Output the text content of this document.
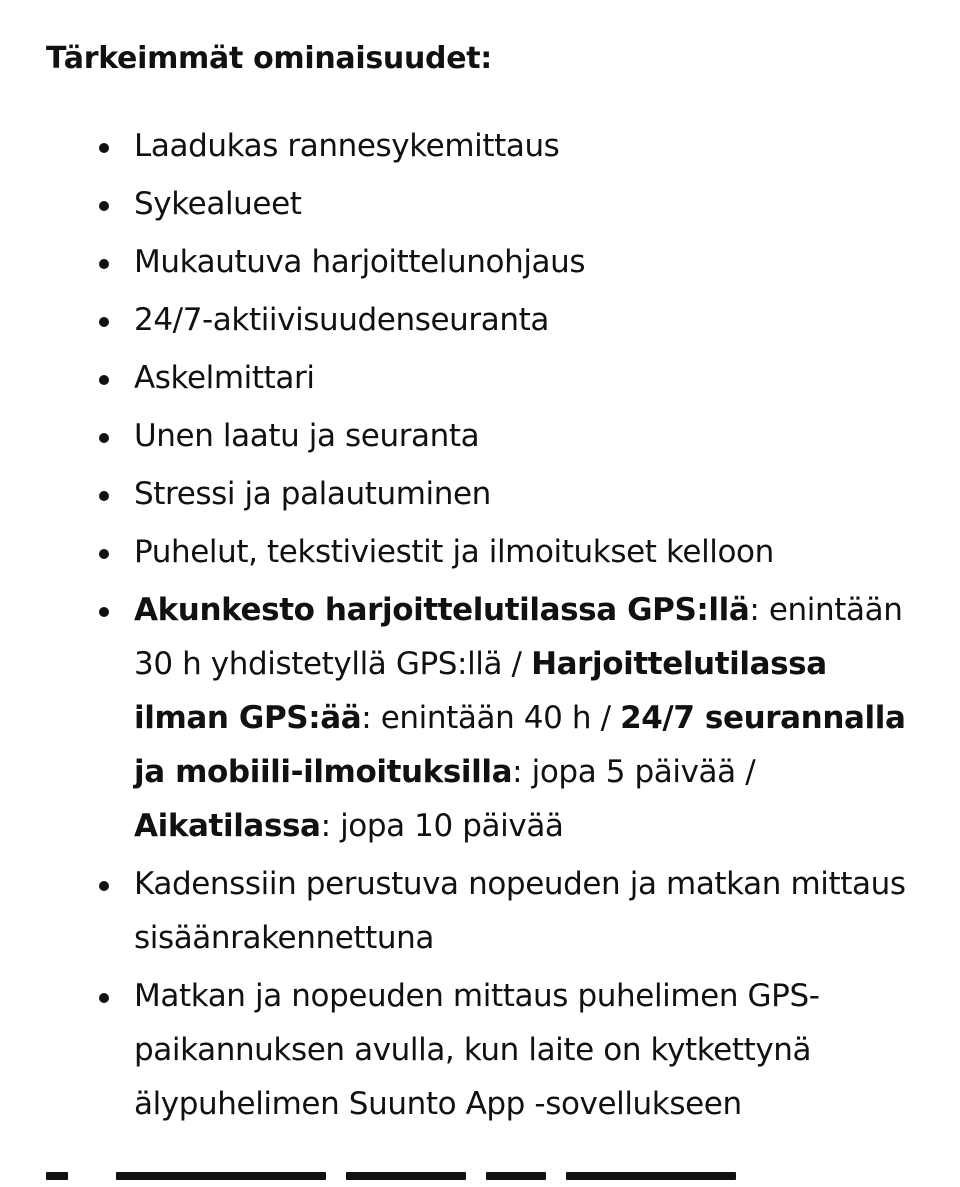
Tärkeimmät ominaisuudet:
Laadukas rannesykemittaus
Sykealueet
Mukautuva harjoittelunohjaus
24/7-aktiivisuudenseuranta
Askelmittari
Unen laatu ja seuranta
Stressi ja palautuminen
Puhelut, tekstiviestit ja ilmoitukset kelloon
Akunkesto harjoittelutilassa GPS:llä: enintään 30 h yhdistetyllä GPS:llä / Harjoittelutilassa ilman GPS:ää: enintään 40 h / 24/7 seurannalla ja mobiili-ilmoituksilla: jopa 5 päivää / Aikatilassa: jopa 10 päivää
Kadenssiin perustuva nopeuden ja matkan mittaus sisäänrakennettuna
Matkan ja nopeuden mittaus puhelimen GPS-paikannuksen avulla, kun laite on kytkettynä älypuhelimen Suunto App -sovellukseen
